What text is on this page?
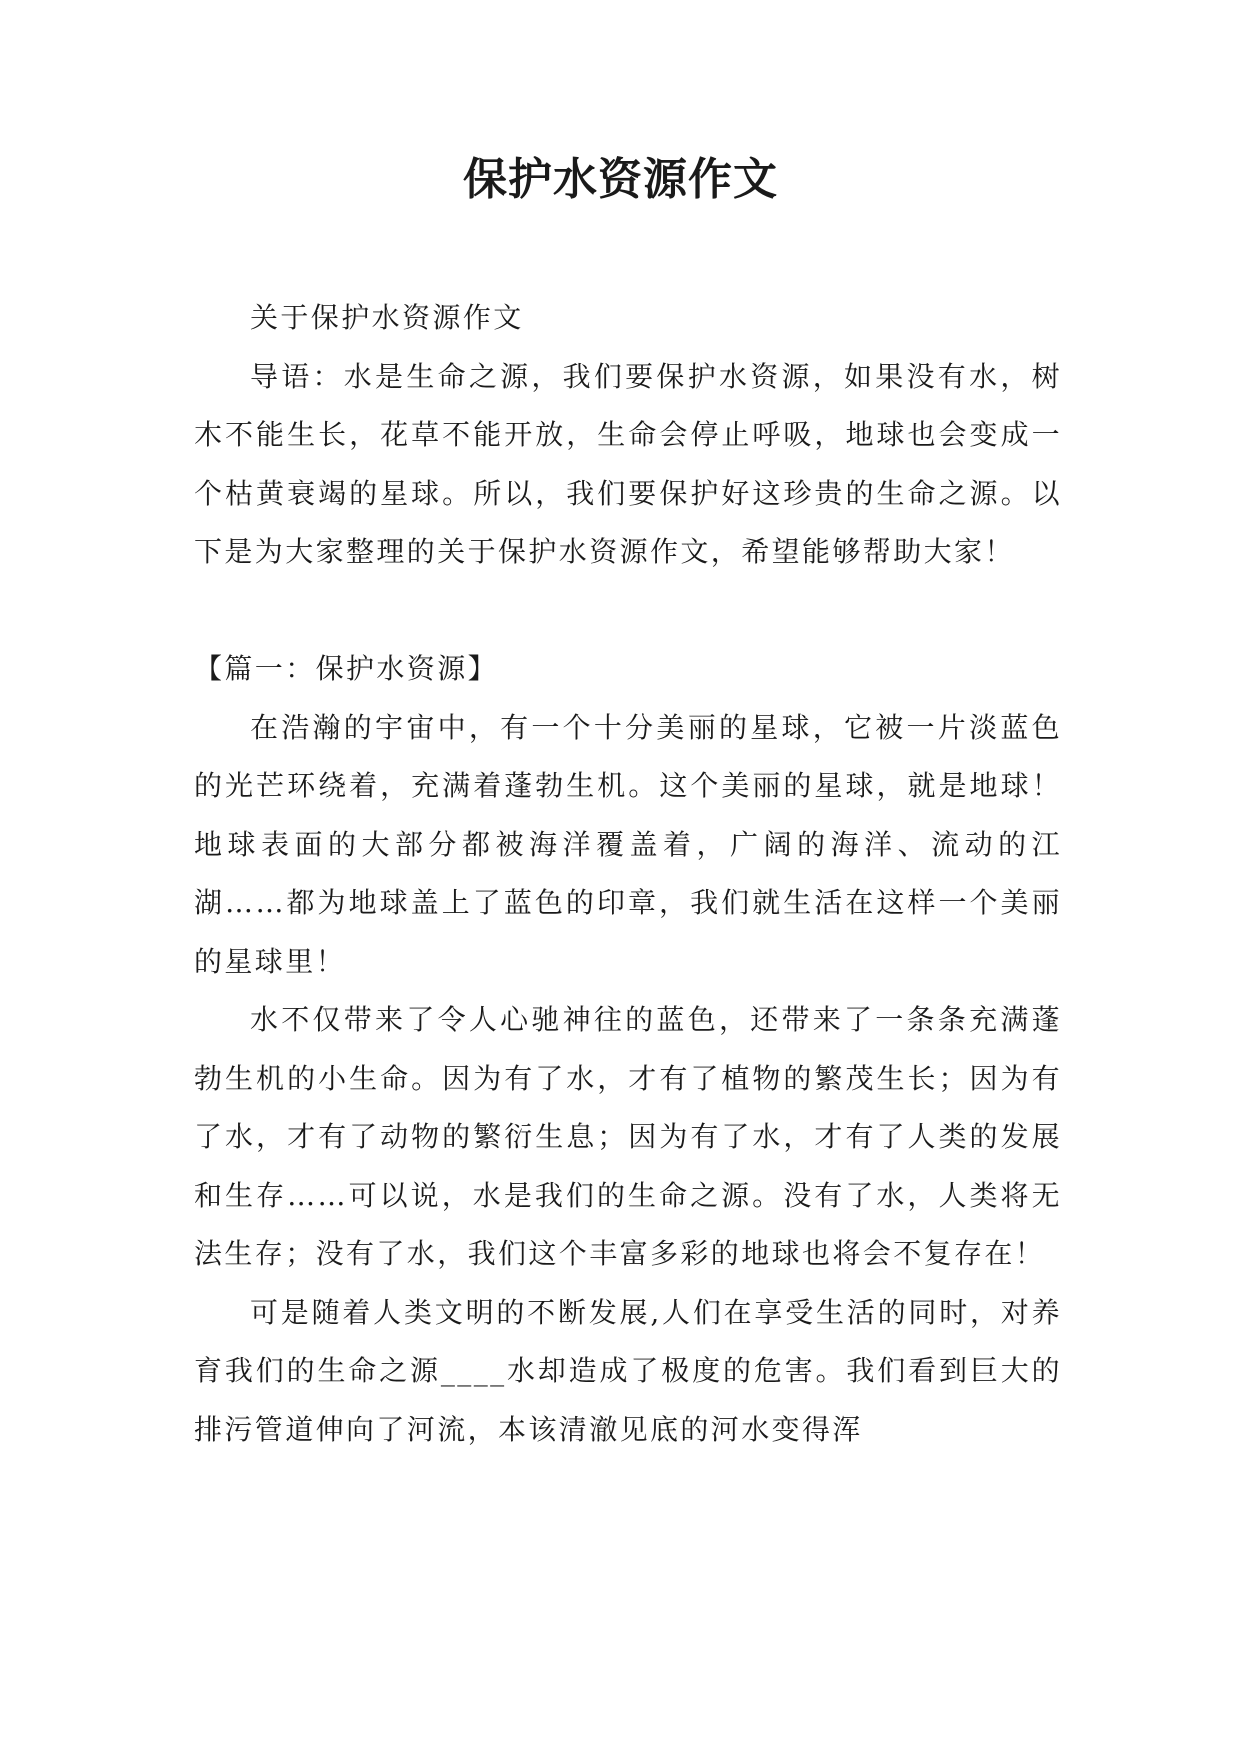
保护水资源作文

关于保护水资源作文

导语：水是生命之源，我们要保护水资源，如果没有水，树木不能生长，花草不能开放，生命会停止呼吸，地球也会变成一个枯黄衰竭的星球。所以，我们要保护好这珍贵的生命之源。以下是为大家整理的关于保护水资源作文，希望能够帮助大家！

【篇一：保护水资源】

在浩瀚的宇宙中，有一个十分美丽的星球，它被一片淡蓝色的光芒环绕着，充满着蓬勃生机。这个美丽的星球，就是地球！地球表面的大部分都被海洋覆盖着，广阔的海洋、流动的江湖……都为地球盖上了蓝色的印章，我们就生活在这样一个美丽的星球里！

水不仅带来了令人心驰神往的蓝色，还带来了一条条充满蓬勃生机的小生命。因为有了水，才有了植物的繁茂生长；因为有了水，才有了动物的繁衍生息；因为有了水，才有了人类的发展和生存……可以说，水是我们的生命之源。没有了水，人类将无法生存；没有了水，我们这个丰富多彩的地球也将会不复存在！

可是随着人类文明的不断发展,人们在享受生活的同时，对养育我们的生命之源____水却造成了极度的危害。我们看到巨大的排污管道伸向了河流，本该清澈见底的河水变得浑
